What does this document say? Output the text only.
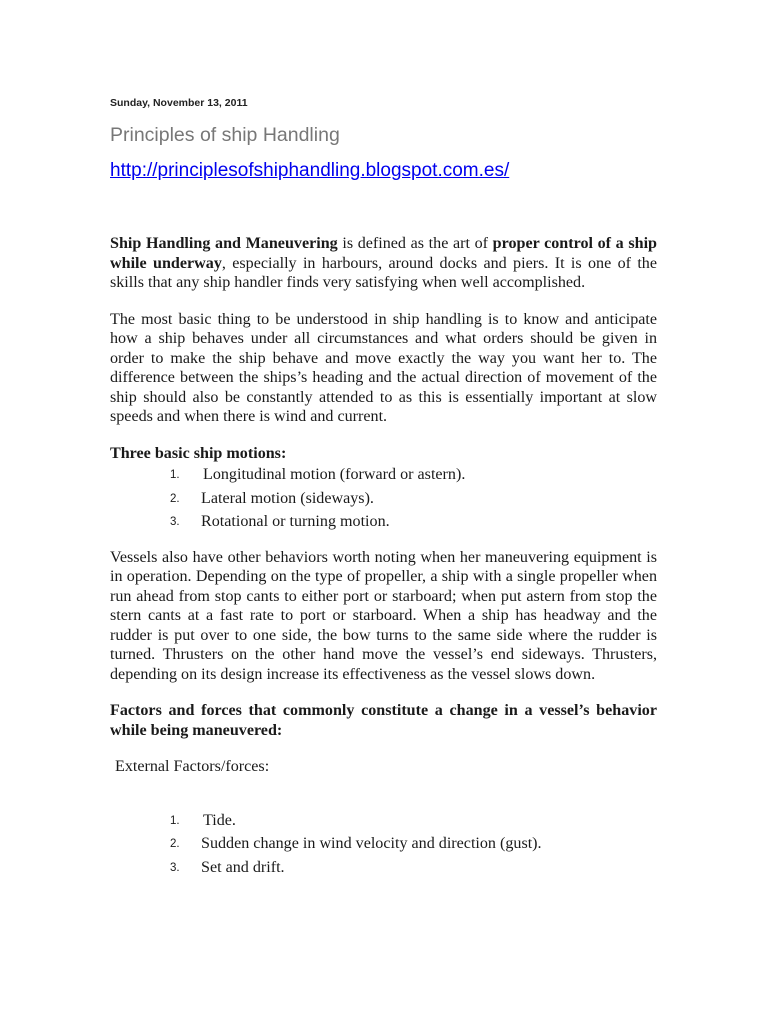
Sunday, November 13, 2011
Principles of ship Handling
http://principlesofshiphandling.blogspot.com.es/

Ship Handling and Maneuvering is defined as the art of proper control of a ship while underway, especially in harbours, around docks and piers. It is one of the skills that any ship handler finds very satisfying when well accomplished.

The most basic thing to be understood in ship handling is to know and anticipate how a ship behaves under all circumstances and what orders should be given in order to make the ship behave and move exactly the way you want her to. The difference between the ships’s heading and the actual direction of movement of the ship should also be constantly attended to as this is essentially important at slow speeds and when there is wind and current.

Three basic ship motions:

1. Longitudinal motion (forward or astern).
2. Lateral motion (sideways).
3. Rotational or turning motion.

Vessels also have other behaviors worth noting when her maneuvering equipment is in operation. Depending on the type of propeller, a ship with a single propeller when run ahead from stop cants to either port or starboard; when put astern from stop the stern cants at a fast rate to port or starboard. When a ship has headway and the rudder is put over to one side, the bow turns to the same side where the rudder is turned. Thrusters on the other hand move the vessel’s end sideways. Thrusters, depending on its design increase its effectiveness as the vessel slows down.

Factors and forces that commonly constitute a change in a vessel’s behavior while being maneuvered:

External Factors/forces:

1. Tide.
2. Sudden change in wind velocity and direction (gust).
3. Set and drift.
